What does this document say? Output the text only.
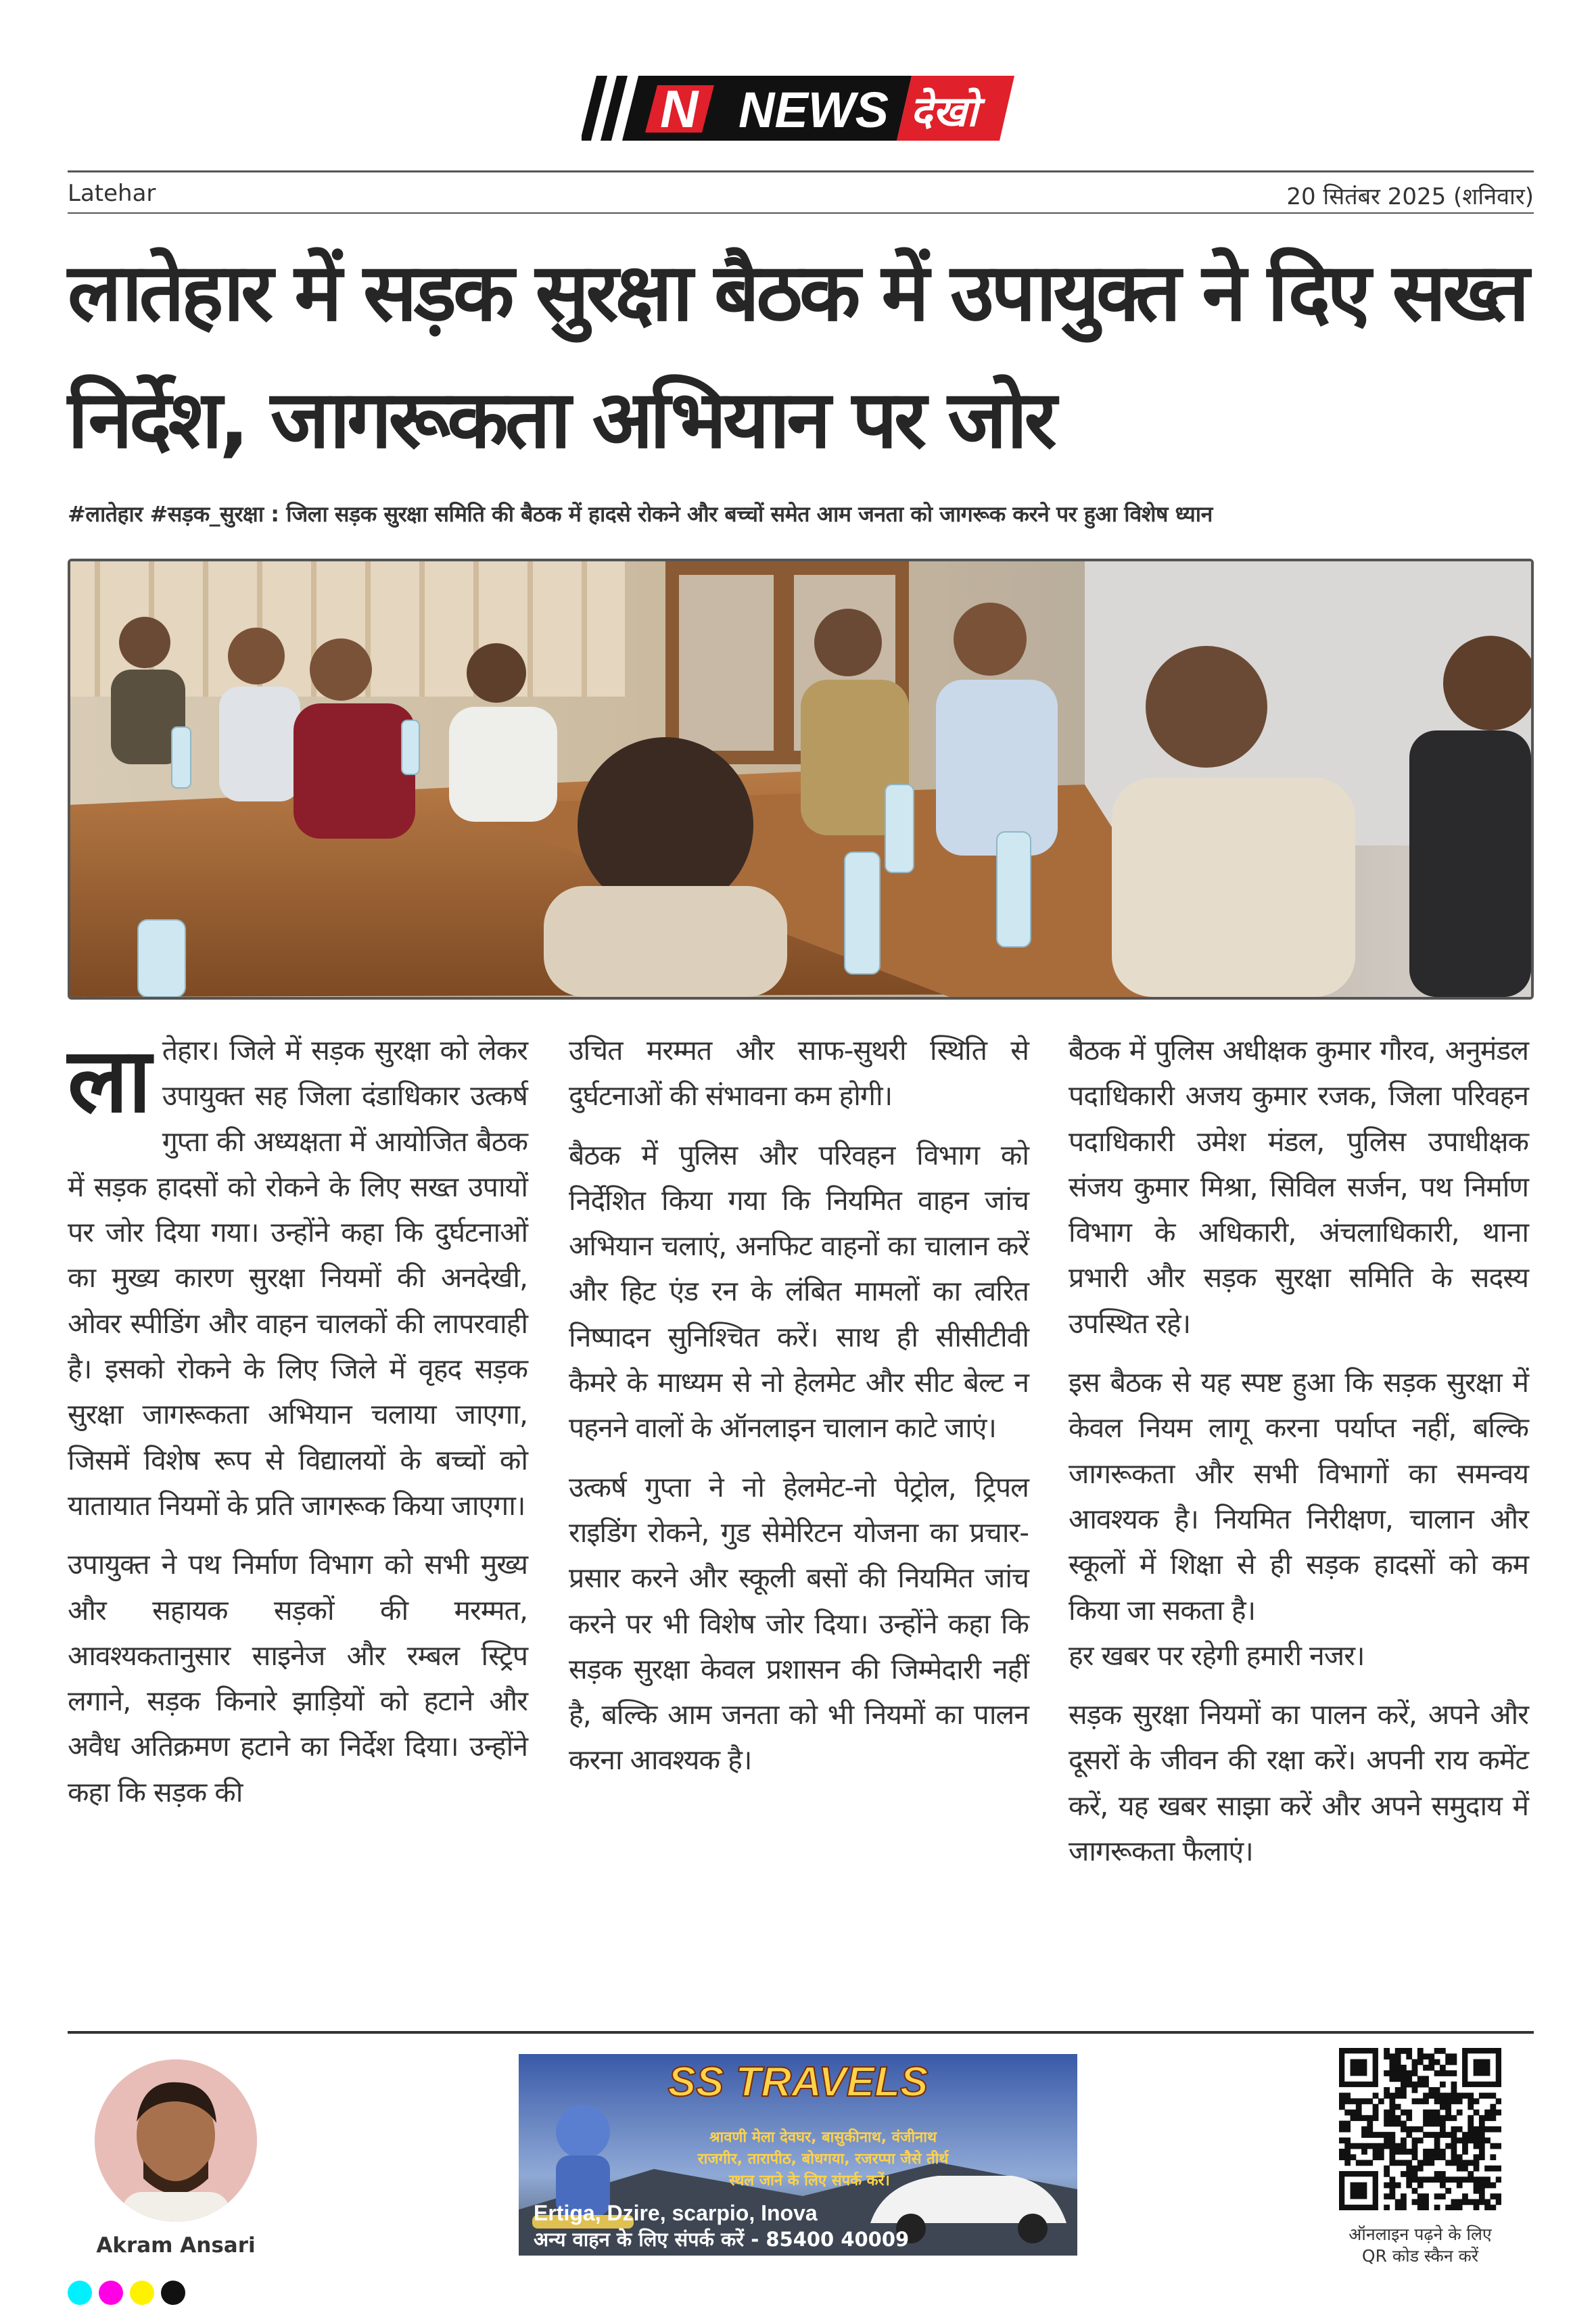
N NEWS देखो
Latehar	20 सितंबर 2025 (शनिवार)
लातेहार में सड़क सुरक्षा बैठक में उपायुक्त ने दिए सख्त निर्देश, जागरूकता अभियान पर जोर
#लातेहार #सड़क_सुरक्षा : जिला सड़क सुरक्षा समिति की बैठक में हादसे रोकने और बच्चों समेत आम जनता को जागरूक करने पर हुआ विशेष ध्यान

लातेहार। जिले में सड़क सुरक्षा को लेकर उपायुक्त सह जिला दंडाधिकार उत्कर्ष गुप्ता की अध्यक्षता में आयोजित बैठक में सड़क हादसों को रोकने के लिए सख्त उपायों पर जोर दिया गया। उन्होंने कहा कि दुर्घटनाओं का मुख्य कारण सुरक्षा नियमों की अनदेखी, ओवर स्पीडिंग और वाहन चालकों की लापरवाही है। इसको रोकने के लिए जिले में वृहद सड़क सुरक्षा जागरूकता अभियान चलाया जाएगा, जिसमें विशेष रूप से विद्यालयों के बच्चों को यातायात नियमों के प्रति जागरूक किया जाएगा।

उपायुक्त ने पथ निर्माण विभाग को सभी मुख्य और सहायक सड़कों की मरम्मत, आवश्यकतानुसार साइनेज और रम्बल स्ट्रिप लगाने, सड़क किनारे झाड़ियों को हटाने और अवैध अतिक्रमण हटाने का निर्देश दिया। उन्होंने कहा कि सड़क की

उचित मरम्मत और साफ-सुथरी स्थिति से दुर्घटनाओं की संभावना कम होगी।

बैठक में पुलिस और परिवहन विभाग को निर्देशित किया गया कि नियमित वाहन जांच अभियान चलाएं, अनफिट वाहनों का चालान करें और हिट एंड रन के लंबित मामलों का त्वरित निष्पादन सुनिश्चित करें। साथ ही सीसीटीवी कैमरे के माध्यम से नो हेलमेट और सीट बेल्ट न पहनने वालों के ऑनलाइन चालान काटे जाएं।

उत्कर्ष गुप्ता ने नो हेलमेट-नो पेट्रोल, ट्रिपल राइडिंग रोकने, गुड सेमेरिटन योजना का प्रचार-प्रसार करने और स्कूली बसों की नियमित जांच करने पर भी विशेष जोर दिया। उन्होंने कहा कि सड़क सुरक्षा केवल प्रशासन की जिम्मेदारी नहीं है, बल्कि आम जनता को भी नियमों का पालन करना आवश्यक है।

बैठक में पुलिस अधीक्षक कुमार गौरव, अनुमंडल पदाधिकारी अजय कुमार रजक, जिला परिवहन पदाधिकारी उमेश मंडल, पुलिस उपाधीक्षक संजय कुमार मिश्रा, सिविल सर्जन, पथ निर्माण विभाग के अधिकारी, अंचलाधिकारी, थाना प्रभारी और सड़क सुरक्षा समिति के सदस्य उपस्थित रहे।

इस बैठक से यह स्पष्ट हुआ कि सड़क सुरक्षा में केवल नियम लागू करना पर्याप्त नहीं, बल्कि जागरूकता और सभी विभागों का समन्वय आवश्यक है। नियमित निरीक्षण, चालान और स्कूलों में शिक्षा से ही सड़क हादसों को कम किया जा सकता है।

हर खबर पर रहेगी हमारी नजर।

सड़क सुरक्षा नियमों का पालन करें, अपने और दूसरों के जीवन की रक्षा करें। अपनी राय कमेंट करें, यह खबर साझा करें और अपने समुदाय में जागरूकता फैलाएं।

Akram Ansari
SS TRAVELS
श्रावणी मेला देवघर, बासुकीनाथ, वंजीनाथ
राजगीर, तारापीठ, बोधगया, रजरप्पा जैसे तीर्थ
स्थल जाने के लिए संपर्क करें।
Ertiga, Dzire, scarpio, Inova
अन्य वाहन के लिए संपर्क करें - 85400 40009	ऑनलाइन पढ़ने के लिए
QR कोड स्कैन करें
